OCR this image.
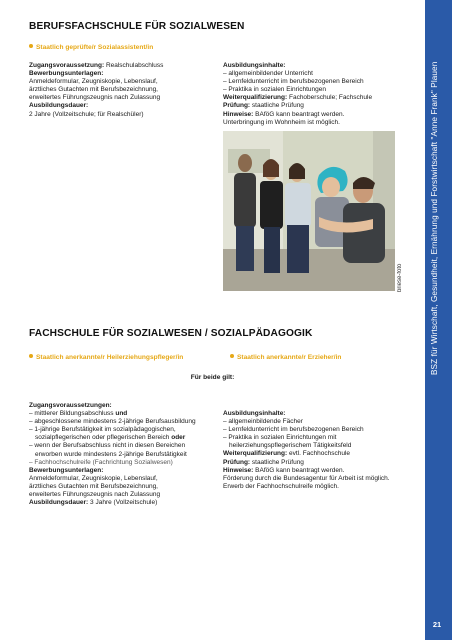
BSZ für Wirtschaft, Gesundheit, Ernährung und Forstwirtschaft "Anne Frank" Plauen
21
BERUFSFACHSCHULE FÜR SOZIALWESEN
Staatlich geprüfte/r Sozialassistent/in
Zugangsvoraussetzung: Realschulabschluss
Bewerbungsunterlagen:
Anmeldeformular, Zeugniskopie, Lebenslauf,
ärztliches Gutachten mit Berufsbezeichnung,
erweitertes Führungszeugnis nach Zulassung
Ausbildungsdauer:
2 Jahre (Vollzeitschule; für Realschüler)
Ausbildungsinhalte:
– allgemeinbildender Unterricht
– Lernfeldunterricht im berufsbezogenen Bereich
– Praktika in sozialen Einrichtungen
Weiterqualifizierung: Fachoberschule; Fachschule
Prüfung: staatliche Prüfung
Hinweise: BAföG kann beantragt werden.
Unterbringung im Wohnheim ist möglich.
briese-foto
FACHSCHULE FÜR SOZIALWESEN / SOZIALPÄDAGOGIK
Staatlich anerkannte/r Heilerziehungspfleger/in	Staatlich anerkannte/r Erzieher/in
Für beide gilt:
Zugangsvoraussetzungen:
– mittlerer Bildungsabschluss und
– abgeschlossene mindestens 2-jährige Berufsausbildung
– 1-jährige Berufstätigkeit im sozialpädagogischen,
sozialpflegerischen oder pflegerischen Bereich oder
– wenn der Berufsabschluss nicht in diesen Bereichen
erworben wurde mindestens 2-jährige Berufstätigkeit
– Fachhochschulreife (Fachrichtung Sozialwesen)
Bewerbungsunterlagen:
Anmeldeformular, Zeugniskopie, Lebenslauf,
ärztliches Gutachten mit Berufsbezeichnung,
erweitertes Führungszeugnis nach Zulassung
Ausbildungsdauer: 3 Jahre (Vollzeitschule)
Ausbildungsinhalte:
– allgemeinbildende Fächer
– Lernfeldunterricht im berufsbezogenen Bereich
– Praktika in sozialen Einrichtungen mit
heilerziehungspflegerischem Tätigkeitsfeld
Weiterqualifizierung: evtl. Fachhochschule
Prüfung: staatliche Prüfung
Hinweise: BAföG kann beantragt werden.
Förderung durch die Bundesagentur für Arbeit ist möglich.
Erwerb der Fachhochschulreife möglich.
